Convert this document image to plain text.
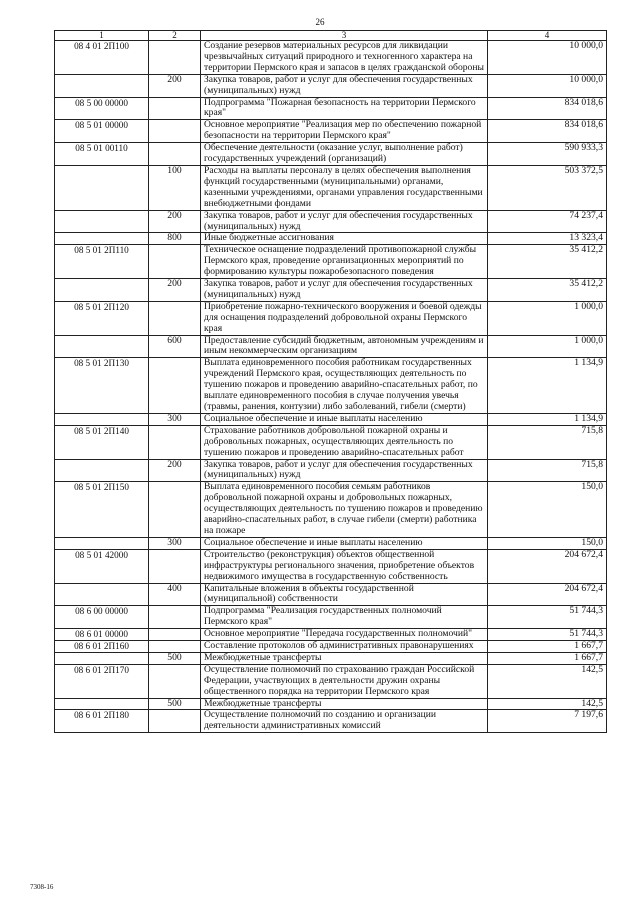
26
1	2	3	4
08 4 01 2П100		Создание резервов материальных ресурсов для ликвидации чрезвычайных ситуаций природного и техногенного характера на территории Пермского края и запасов в целях гражданской обороны	10 000,0
	200	Закупка товаров, работ и услуг для обеспечения государственных (муниципальных) нужд	10 000,0
08 5 00 00000		Подпрограмма "Пожарная безопасность на территории Пермского края"	834 018,6
08 5 01 00000		Основное мероприятие "Реализация мер по обеспечению пожарной безопасности на территории Пермского края"	834 018,6
08 5 01 00110		Обеспечение деятельности (оказание услуг, выполнение работ) государственных учреждений (организаций)	590 933,3
	100	Расходы на выплаты персоналу в целях обеспечения выполнения функций государственными (муниципальными) органами, казенными учреждениями, органами управления государственными внебюджетными фондами	503 372,5
	200	Закупка товаров, работ и услуг для обеспечения государственных (муниципальных) нужд	74 237,4
	800	Иные бюджетные ассигнования	13 323,4
08 5 01 2П110		Техническое оснащение подразделений противопожарной службы Пермского края, проведение организационных мероприятий по формированию культуры пожаробезопасного поведения	35 412,2
	200	Закупка товаров, работ и услуг для обеспечения государственных (муниципальных) нужд	35 412,2
08 5 01 2П120		Приобретение пожарно-технического вооружения и боевой одежды для оснащения подразделений добровольной охраны Пермского края	1 000,0
	600	Предоставление субсидий бюджетным, автономным учреждениям и иным некоммерческим организациям	1 000,0
08 5 01 2П130		Выплата единовременного пособия работникам государственных учреждений Пермского края, осуществляющих деятельность по тушению пожаров и проведению аварийно-спасательных работ, по выплате единовременного пособия в случае получения увечья (травмы, ранения, контузии) либо заболеваний, гибели (смерти)	1 134,9
	300	Социальное обеспечение и иные выплаты населению	1 134,9
08 5 01 2П140		Страхование работников добровольной пожарной охраны и добровольных пожарных, осуществляющих деятельность по тушению пожаров и проведению аварийно-спасательных работ	715,8
	200	Закупка товаров, работ и услуг для обеспечения государственных (муниципальных) нужд	715,8
08 5 01 2П150		Выплата единовременного пособия семьям работников добровольной пожарной охраны и добровольных пожарных, осуществляющих деятельность по тушению пожаров и проведению аварийно-спасательных работ, в случае гибели (смерти) работника на пожаре	150,0
	300	Социальное обеспечение и иные выплаты населению	150,0
08 5 01 42000		Строительство (реконструкция) объектов общественной инфраструктуры регионального значения, приобретение объектов недвижимого имущества в государственную собственность	204 672,4
	400	Капитальные вложения в объекты государственной (муниципальной) собственности	204 672,4
08 6 00 00000		Подпрограмма "Реализация государственных полномочий Пермского края"	51 744,3
08 6 01 00000		Основное мероприятие "Передача государственных полномочий"	51 744,3
08 6 01 2П160		Составление протоколов об административных правонарушениях	1 667,7
	500	Межбюджетные трансферты	1 667,7
08 6 01 2П170		Осуществление полномочий по страхованию граждан Российской Федерации, участвующих в деятельности дружин охраны общественного порядка на территории Пермского края	142,5
	500	Межбюджетные трансферты	142,5
08 6 01 2П180		Осуществление полномочий по созданию и организации деятельности административных комиссий	7 197,6
7308-16
